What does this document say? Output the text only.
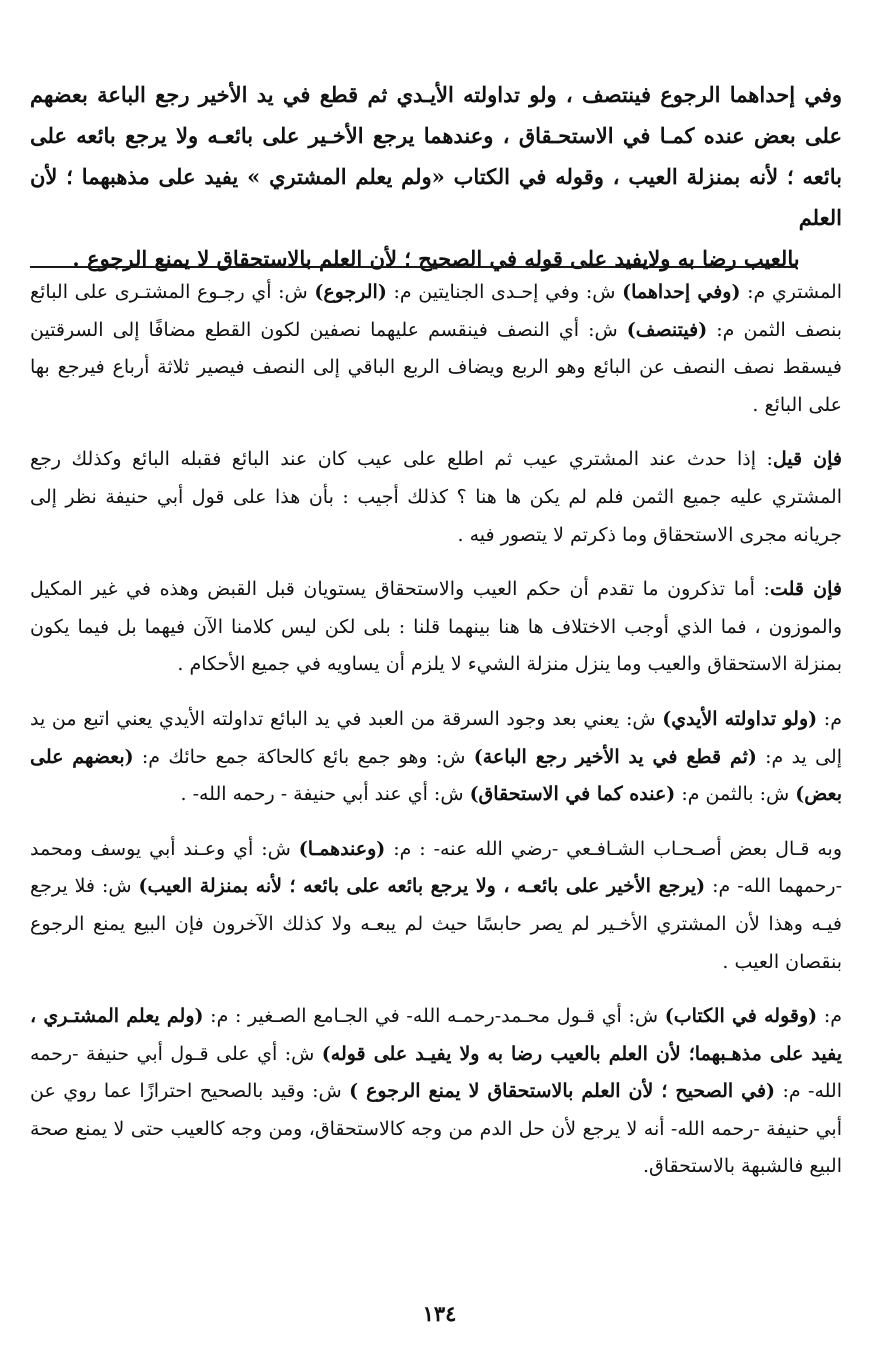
وفي إحداهما الرجوع فينتصف ، ولو تداولته الأيـدي ثم قطع في يد الأخير رجع الباعة بعضهم على بعض عنده كمـا في الاستحـقاق ، وعندهما يرجع الأخـير على بائعـه ولا يرجع بائعه على بائعه ؛ لأنه بمنزلة العيب ، وقوله في الكتاب «ولم يعلم المشتري » يفيد على مذهبهما ؛ لأن العلم
بالعيب رضا به ولايفيد على قوله في الصحيح ؛ لأن العلم بالاستحقاق لا يمنع الرجوع .

المشتري م: (وفي إحداهما) ش: وفي إحـدى الجنايتين م: (الرجوع) ش: أي رجـوع المشتـرى على البائع بنصف الثمن م: (فيتنصف) ش: أي النصف فينقسم عليهما نصفين لكون القطع مضافًا إلى السرقتين فيسقط نصف النصف عن البائع وهو الربع ويضاف الربع الباقي إلى النصف فيصير ثلاثة أرباع فيرجع بها على البائع .

فإن قيل: إذا حدث عند المشتري عيب ثم اطلع على عيب كان عند البائع فقبله البائع وكذلك رجع المشتري عليه جميع الثمن فلم لم يكن ها هنا ؟ كذلك أجيب : بأن هذا على قول أبي حنيفة نظر إلى جريانه مجرى الاستحقاق وما ذكرتم لا يتصور فيه .

فإن قلت: أما تذكرون ما تقدم أن حكم العيب والاستحقاق يستويان قبل القبض وهذه في غير المكيل والموزون ، فما الذي أوجب الاختلاف ها هنا بينهما قلنا : بلى لكن ليس كلامنا الآن فيهما بل فيما يكون بمنزلة الاستحقاق والعيب وما ينزل منزلة الشيء لا يلزم أن يساويه في جميع الأحكام .

م: (ولو تداولته الأيدي) ش: يعني بعد وجود السرقة من العبد في يد البائع تداولته الأيدي يعني اتبع من يد إلى يد م: (ثم قطع في يد الأخير رجع الباعة) ش: وهو جمع بائع كالحاكة جمع حائك م: (بعضهم على بعض) ش: بالثمن م: (عنده كما في الاستحقاق) ش: أي عند أبي حنيفة - رحمه الله- .

وبه قـال بعض أصـحـاب الشـافـعي -رضي الله عنه- : م: (وعندهمـا) ش: أي وعـند أبي يوسف ومحمد -رحمهما الله- م: (يرجع الأخير على بائعـه ، ولا يرجع بائعه على بائعه ؛ لأنه بمنزلة العيب) ش: فلا يرجع فيـه وهذا لأن المشتري الأخـير لم يصر حابسًا حيث لم يبعـه ولا كذلك الآخرون فإن البيع يمنع الرجوع بنقصان العيب .

م: (وقوله في الكتاب) ش: أي قـول محـمد-رحمـه الله- في الجـامع الصـغير : م: (ولم يعلم المشتـري ، يفيد على مذهـبهما؛ لأن العلم بالعيب رضا به ولا يفيـد على قوله) ش: أي على قـول أبي حنيفة -رحمه الله- م: (في الصحيح ؛ لأن العلم بالاستحقاق لا يمنع الرجوع ) ش: وقيد بالصحيح احترازًا عما روي عن أبي حنيفة -رحمه الله- أنه لا يرجع لأن حل الدم من وجه كالاستحقاق، ومن وجه كالعيب حتى لا يمنع صحة البيع فالشبهة بالاستحقاق.

١٣٤
